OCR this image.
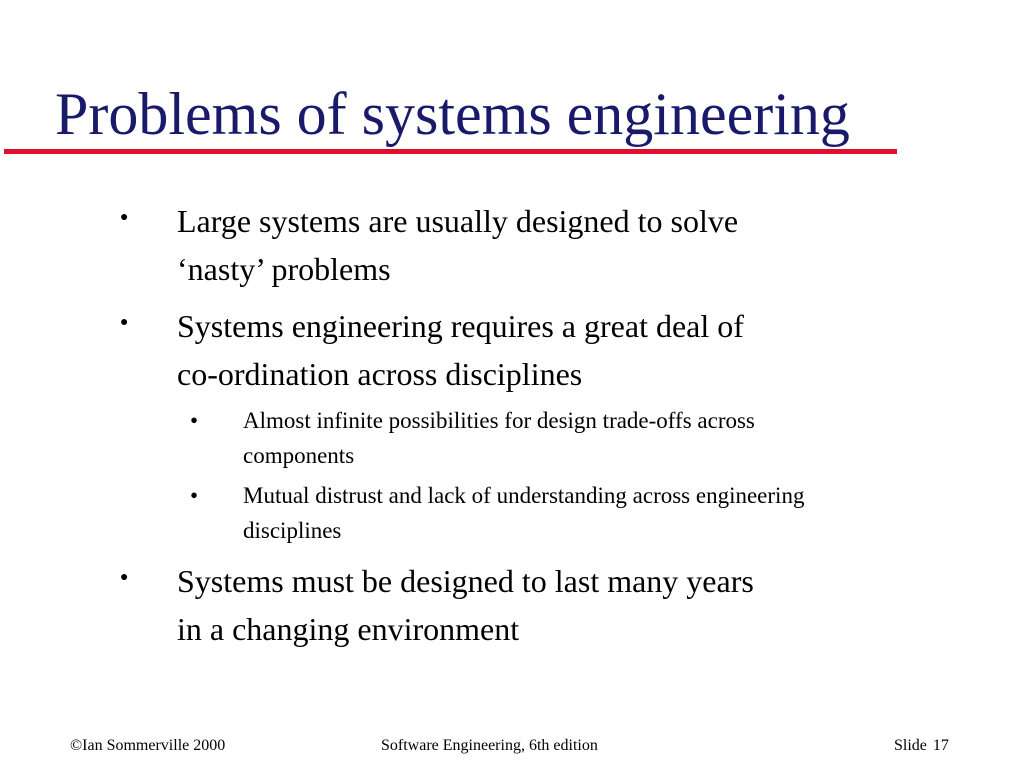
Problems of systems engineering
●	Large systems are usually designed to solve
‘nasty’ problems
●	Systems engineering requires a great deal of
co-ordination across disciplines
•	Almost infinite possibilities for design trade-offs across
components
•	Mutual distrust and lack of understanding across engineering
disciplines
●	Systems must be designed to last many years
in a changing environment
©Ian Sommerville 2000	Software Engineering, 6th edition	Slide 17
